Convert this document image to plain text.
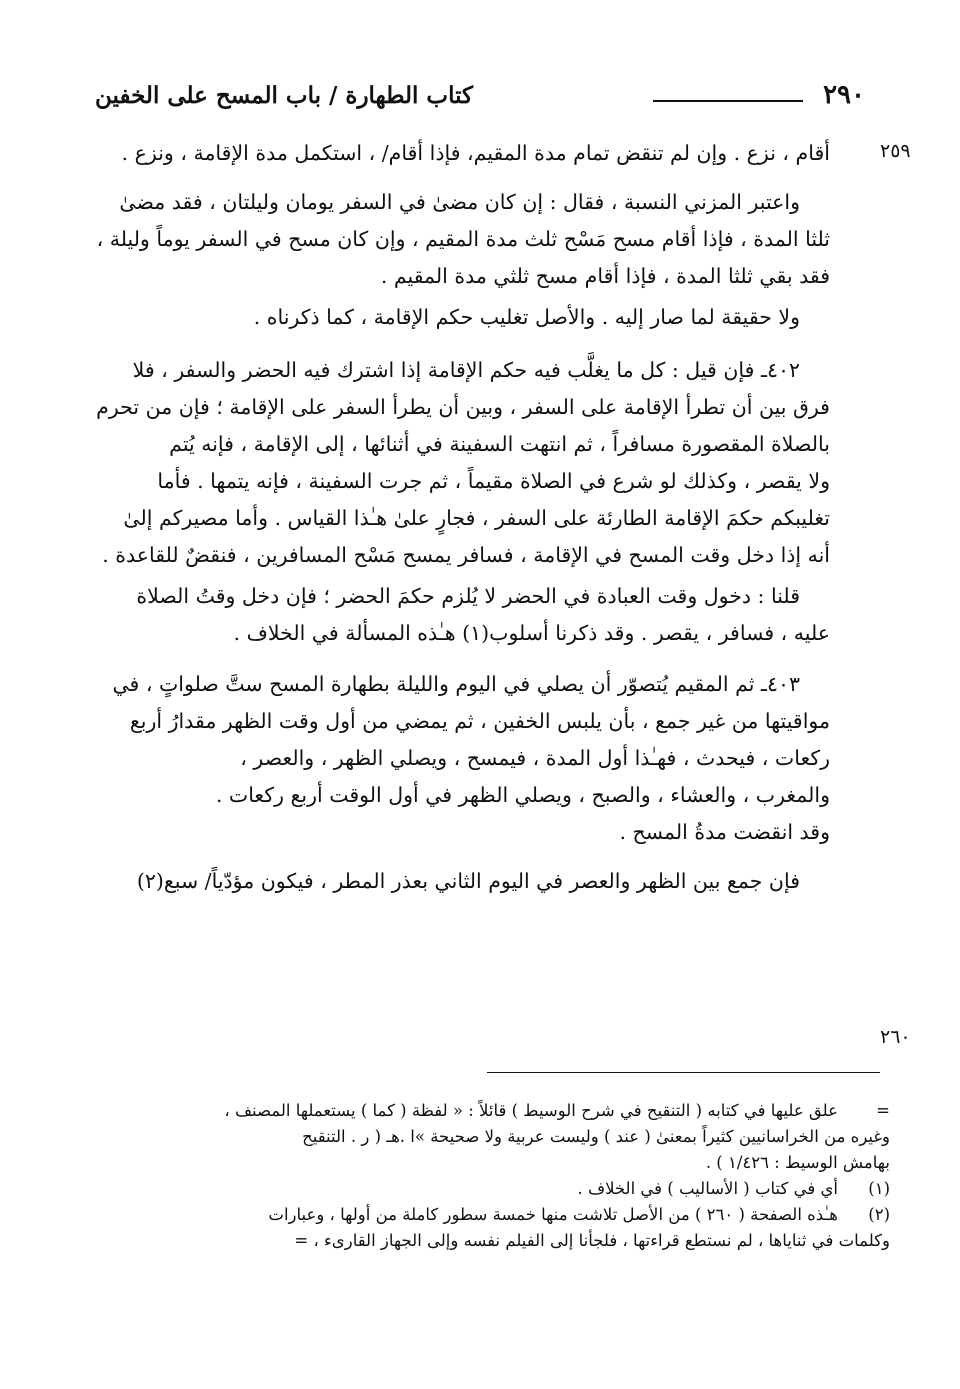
٢٩٠
كتاب الطهارة / باب المسح على الخفين
٢٥٩
٢٦٠
أقام ، نزع . وإن لم تنقض تمام مدة المقيم، فإذا أقام/ ، استكمل مدة الإقامة ، ونزع .
واعتبر المزني النسبة ، فقال : إن كان مضىٰ في السفر يومان وليلتان ، فقد مضىٰ
ثلثا المدة ، فإذا أقام مسح مَسْح ثلث مدة المقيم ، وإن كان مسح في السفر يوماً وليلة ،
فقد بقي ثلثا المدة ، فإذا أقام مسح ثلثي مدة المقيم .
ولا حقيقة لما صار إليه . والأصل تغليب حكم الإقامة ، كما ذكرناه .
٤٠٢ـ فإن قيل : كل ما يغلَّب فيه حكم الإقامة إذا اشترك فيه الحضر والسفر ، فلا
فرق بين أن تطرأ الإقامة على السفر ، وبين أن يطرأ السفر على الإقامة ؛ فإن من تحرم
بالصلاة المقصورة مسافراً ، ثم انتهت السفينة في أثنائها ، إلى الإقامة ، فإنه يُتم
ولا يقصر ، وكذلك لو شرع في الصلاة مقيماً ، ثم جرت السفينة ، فإنه يتمها . فأما
تغليبكم حكمَ الإقامة الطارئة على السفر ، فجارٍ علىٰ هـٰذا القياس . وأما مصيركم إلىٰ
أنه إذا دخل وقت المسح في الإقامة ، فسافر يمسح مَسْح المسافرين ، فنقضٌ للقاعدة .
قلنا : دخول وقت العبادة في الحضر لا يُلزم حكمَ الحضر ؛ فإن دخل وقتُ الصلاة
عليه ، فسافر ، يقصر . وقد ذكرنا أسلوب(١) هـٰذه المسألة في الخلاف .
٤٠٣ـ ثم المقيم يُتصوّر أن يصلي في اليوم والليلة بطهارة المسح ستَّ صلواتٍ ، في
مواقيتها من غير جمع ، بأن يلبس الخفين ، ثم يمضي من أول وقت الظهر مقدارُ أربع
ركعات ، فيحدث ، فهـٰذا أول المدة ، فيمسح ، ويصلي الظهر ، والعصر ،
والمغرب ، والعشاء ، والصبح ، ويصلي الظهر في أول الوقت أربع ركعات .
وقد انقضت مدةُ المسح .
فإن جمع بين الظهر والعصر في اليوم الثاني بعذر المطر ، فيكون مؤدّياً/ سبع(٢)
=علق عليها في كتابه ( التنقيح في شرح الوسيط ) قائلاً : « لفظة ( كما ) يستعملها المصنف ،
وغيره من الخراسانيين كثيراً بمعنىٰ ( عند ) وليست عربية ولا صحيحة »ا .هـ ( ر . التنقيح
بهامش الوسيط : ١/٤٢٦ ) .
(١)أي في كتاب ( الأساليب ) في الخلاف .
(٢)هـٰذه الصفحة ( ٢٦٠ ) من الأصل تلاشت منها خمسة سطور كاملة من أولها ، وعبارات
وكلمات في ثناياها ، لم نستطع قراءتها ، فلجأنا إلى الفيلم نفسه وإلى الجهاز القارىء ، =
